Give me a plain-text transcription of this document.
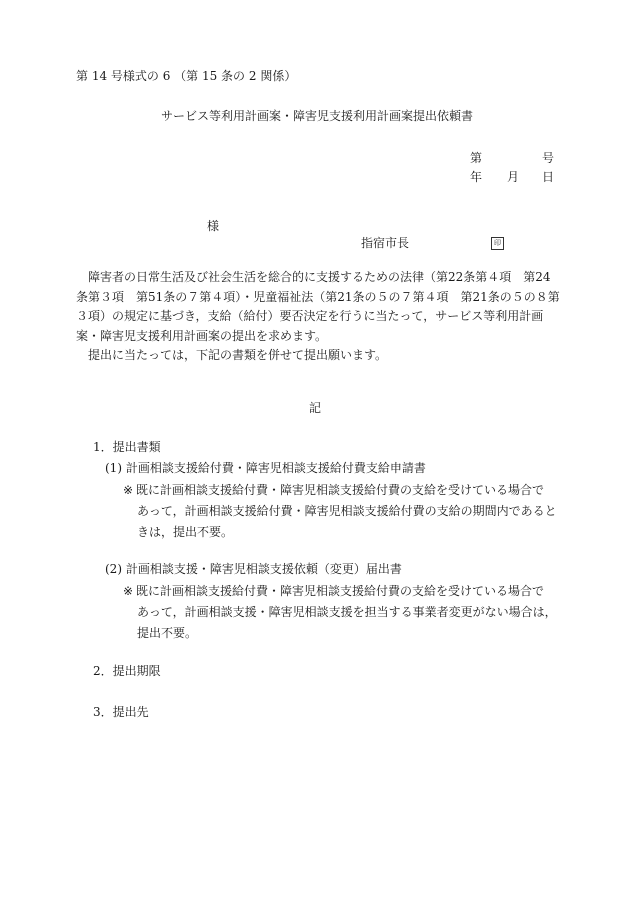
第 14 号様式の 6 （第 15 条の 2 関係）
サービス等利用計画案・障害児支援利用計画案提出依頼書
第	号
年 月 日
様
指宿市長	印

障害者の日常生活及び社会生活を総合的に支援するための法律（第22条第４項　第24条第３項　第51条の７第４項）・児童福祉法（第21条の５の７第４項　第21条の５の８第３項）の規定に基づき，支給（給付）要否決定を行うに当たって，サービス等利用計画案・障害児支援利用計画案の提出を求めます。

提出に当たっては，下記の書類を併せて提出願います。

記
1．提出書類
(1) 計画相談支援給付費・障害児相談支援給付費支給申請書
※ 既に計画相談支援給付費・障害児相談支援給付費の支給を受けている場合で
あって，計画相談支援給付費・障害児相談支援給付費の支給の期間内であると
きは，提出不要。
(2) 計画相談支援・障害児相談支援依頼（変更）届出書
※ 既に計画相談支援給付費・障害児相談支援給付費の支給を受けている場合で
あって，計画相談支援・障害児相談支援を担当する事業者変更がない場合は，
提出不要。
2．提出期限
3．提出先
